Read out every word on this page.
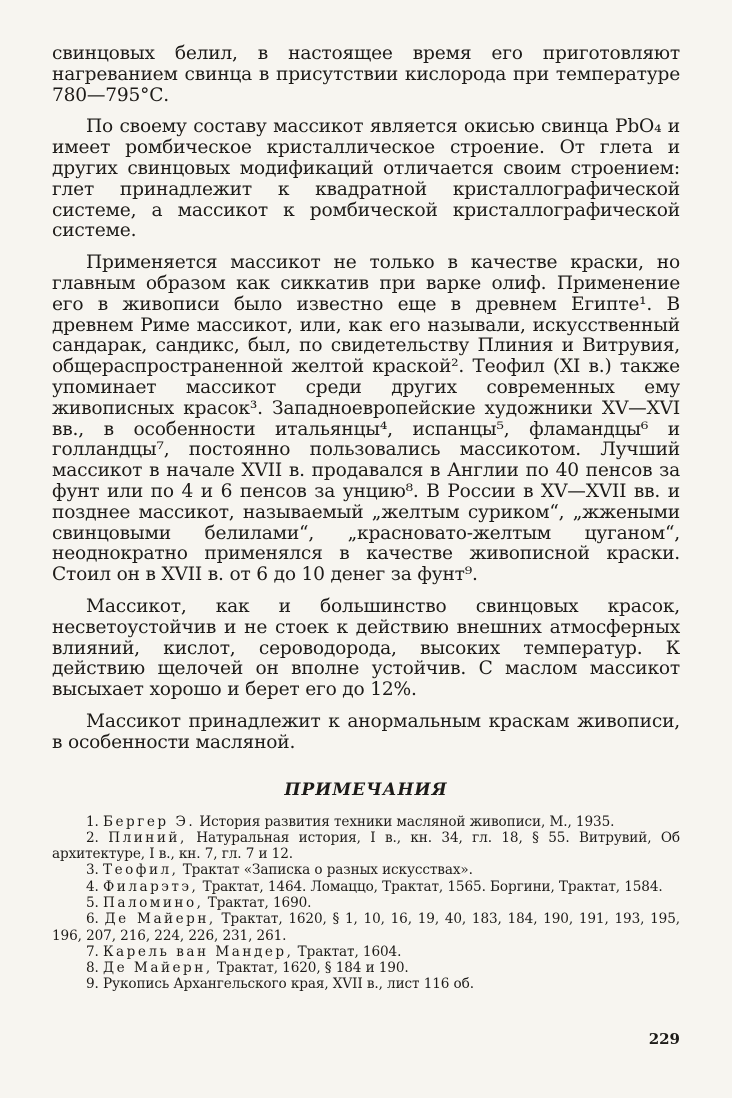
свинцовых белил, в настоящее время его приготовляют нагреванием свинца в присутствии кислорода при температуре 780—795°С.

По своему составу массикот является окисью свинца PbO₄ и имеет ромбическое кристаллическое строение. От глета и других свинцовых модификаций отличается своим строением: глет принадлежит к квадратной кристаллографической системе, а массикот к ромбической кристаллографической системе.

Применяется массикот не только в качестве краски, но главным образом как сиккатив при варке олиф. Применение его в живописи было известно еще в древнем Египте¹. В древнем Риме массикот, или, как его называли, искусственный сандарак, сандикс, был, по свидетельству Плиния и Витрувия, общераспространенной желтой краской². Теофил (XI в.) также упоминает массикот среди других современных ему живописных красок³. Западноевропейские художники XV—XVI вв., в особенности итальянцы⁴, испанцы⁵, фламандцы⁶ и голландцы⁷, постоянно пользовались массикотом. Лучший массикот в начале XVII в. продавался в Англии по 40 пенсов за фунт или по 4 и 6 пенсов за унцию⁸. В России в XV—XVII вв. и позднее массикот, называемый „желтым суриком“, „жжеными свинцовыми белилами“, „красновато-желтым цуганом“, неоднократно применялся в качестве живописной краски. Стоил он в XVII в. от 6 до 10 денег за фунт⁹.

Массикот, как и большинство свинцовых красок, несветоустойчив и не стоек к действию внешних атмосферных влияний, кислот, сероводорода, высоких температур. К действию щелочей он вполне устойчив. С маслом массикот высыхает хорошо и берет его до 12%.

Массикот принадлежит к анормальным краскам живописи, в особенности масляной.

ПРИМЕЧАНИЯ

1. Бергер Э. История развития техники масляной живописи, М., 1935.

2. Плиний, Натуральная история, I в., кн. 34, гл. 18, § 55. Витрувий, Об архитектуре, I в., кн. 7, гл. 7 и 12.

3. Теофил, Трактат «Записка о разных искусствах».

4. Филарэтэ, Трактат, 1464. Ломаццо, Трактат, 1565. Боргини, Трактат, 1584.

5. Паломино, Трактат, 1690.

6. Де Майерн, Трактат, 1620, § 1, 10, 16, 19, 40, 183, 184, 190, 191, 193, 195, 196, 207, 216, 224, 226, 231, 261.

7. Карель ван Мандер, Трактат, 1604.

8. Де Майерн, Трактат, 1620, § 184 и 190.

9. Рукопись Архангельского края, XVII в., лист 116 об.

229
